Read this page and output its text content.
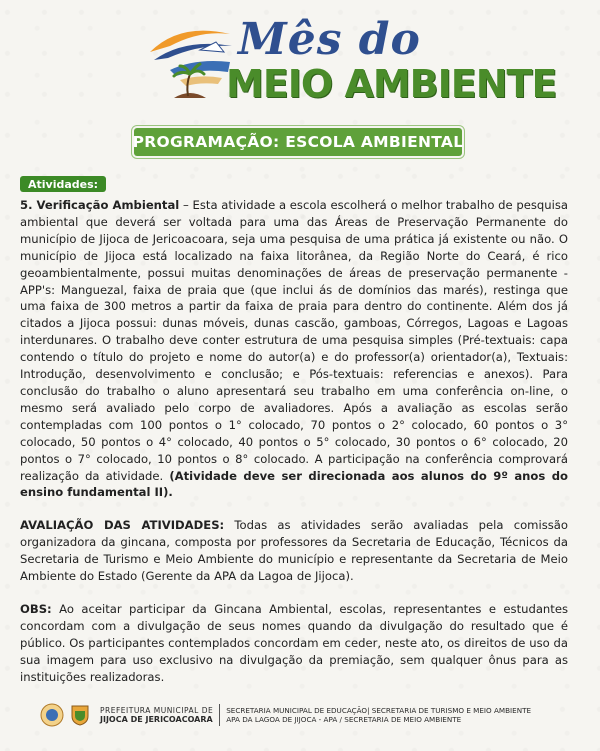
Mês do
MEIO AMBIENTE
PROGRAMAÇÃO: ESCOLA AMBIENTAL
Atividades:

5. Verificação Ambiental – Esta atividade a escola escolherá o melhor trabalho de pesquisa ambiental que deverá ser voltada para uma das Áreas de Preservação Permanente do município de Jijoca de Jericoacoara, seja uma pesquisa de uma prática já existente ou não. O município de Jijoca está localizado na faixa litorânea, da Região Norte do Ceará, é rico geoambientalmente, possui muitas denominações de áreas de preservação permanente - APP's: Manguezal, faixa de praia que (que inclui ás de domínios das marés), restinga que uma faixa de 300 metros a partir da faixa de praia para dentro do continente. Além dos já citados a Jijoca possui: dunas móveis, dunas cascão, gamboas, Córregos, Lagoas e Lagoas interdunares. O trabalho deve conter estrutura de uma pesquisa simples (Pré-textuais: capa contendo o título do projeto e nome do autor(a) e do professor(a) orientador(a), Textuais: Introdução, desenvolvimento e conclusão; e Pós-textuais: referencias e anexos). Para conclusão do trabalho o aluno apresentará seu trabalho em uma conferência on-line, o mesmo será avaliado pelo corpo de avaliadores. Após a avaliação as escolas serão contempladas com 100 pontos o 1° colocado, 70 pontos o 2° colocado, 60 pontos o 3° colocado, 50 pontos o 4° colocado, 40 pontos o 5° colocado, 30 pontos o 6° colocado, 20 pontos o 7° colocado, 10 pontos o 8° colocado. A participação na conferência comprovará realização da atividade. (Atividade deve ser direcionada aos alunos do 9º anos do ensino fundamental II).

AVALIAÇÃO DAS ATIVIDADES: Todas as atividades serão avaliadas pela comissão organizadora da gincana, composta por professores da Secretaria de Educação, Técnicos da Secretaria de Turismo e Meio Ambiente do município e representante da Secretaria de Meio Ambiente do Estado (Gerente da APA da Lagoa de Jijoca).

OBS: Ao aceitar participar da Gincana Ambiental, escolas, representantes e estudantes concordam com a divulgação de seus nomes quando da divulgação do resultado que é público. Os participantes contemplados concordam em ceder, neste ato, os direitos de uso da sua imagem para uso exclusivo na divulgação da premiação, sem qualquer ônus para as instituições realizadoras.

PREFEITURA MUNICIPAL DE
JIJOCA DE JERICOACOARA
SECRETARIA MUNICIPAL DE EDUCAÇÃO| SECRETARIA DE TURISMO E MEIO AMBIENTE
APA DA LAGOA DE JIJOCA - APA / SECRETARIA DE MEIO AMBIENTE
